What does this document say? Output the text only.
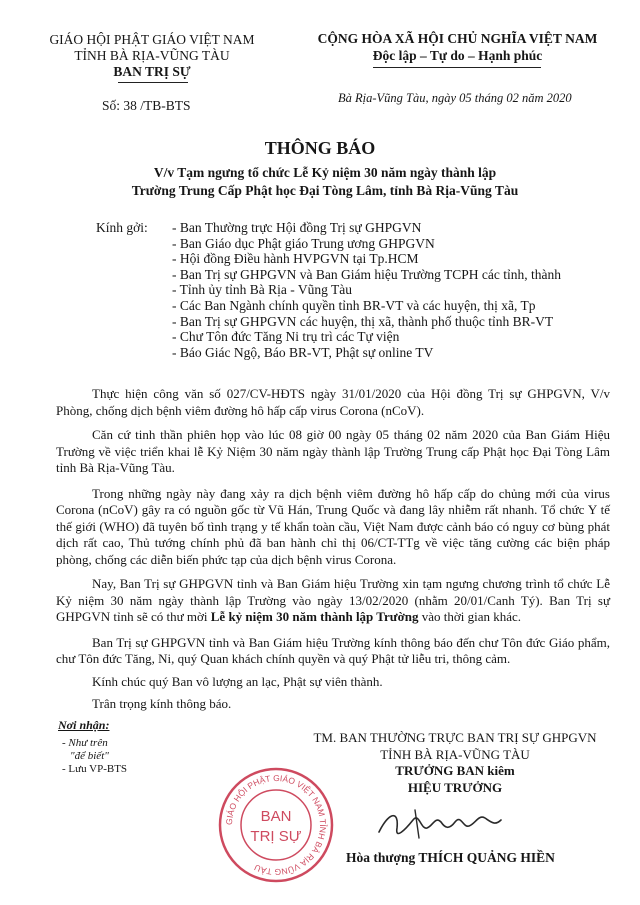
GIÁO HỘI PHẬT GIÁO VIỆT NAM
TỈNH BÀ RỊA-VŨNG TÀU
BAN TRỊ SỰ
Số: 38 /TB-BTS
CỘNG HÒA XÃ HỘI CHỦ NGHĨA VIỆT NAM
Độc lập – Tự do – Hạnh phúc
Bà Rịa-Vũng Tàu, ngày 05 tháng 02 năm 2020
THÔNG BÁO
V/v Tạm ngưng tổ chức Lễ Kỷ niệm 30 năm ngày thành lập
Trường Trung Cấp Phật học Đại Tòng Lâm, tỉnh Bà Rịa-Vũng Tàu
Kính gởi: - Ban Thường trực Hội đồng Trị sự GHPGVN
- Ban Giáo dục Phật giáo Trung ương GHPGVN
- Hội đồng Điều hành HVPGVN tại Tp.HCM
- Ban Trị sự GHPGVN và Ban Giám hiệu Trường TCPH các tỉnh, thành
- Tỉnh ủy tỉnh Bà Rịa - Vũng Tàu
- Các Ban Ngành chính quyền tỉnh BR-VT và các huyện, thị xã, Tp
- Ban Trị sự GHPGVN các huyện, thị xã, thành phố thuộc tỉnh BR-VT
- Chư Tôn đức Tăng Ni trụ trì các Tự viện
- Báo Giác Ngộ, Báo BR-VT, Phật sự online TV
Thực hiện công văn số 027/CV-HĐTS ngày 31/01/2020 của Hội đồng Trị sự GHPGVN, V/v Phòng, chống dịch bệnh viêm đường hô hấp cấp virus Corona (nCoV).
Căn cứ tinh thần phiên họp vào lúc 08 giờ 00 ngày 05 tháng 02 năm 2020 của Ban Giám Hiệu Trường về việc triển khai lễ Kỷ Niệm 30 năm ngày thành lập Trường Trung cấp Phật học Đại Tòng Lâm tỉnh Bà Rịa-Vũng Tàu.
Trong những ngày này đang xảy ra dịch bệnh viêm đường hô hấp cấp do chủng mới của virus Corona (nCoV) gây ra có nguồn gốc từ Vũ Hán, Trung Quốc và đang lây nhiễm rất nhanh. Tổ chức Y tế thế giới (WHO) đã tuyên bố tình trạng y tế khẩn toàn cầu, Việt Nam được cảnh báo có nguy cơ bùng phát dịch rất cao, Thủ tướng chính phủ đã ban hành chỉ thị 06/CT-TTg về việc tăng cường các biện pháp phòng, chống các diễn biến phức tạp của dịch bệnh virus Corona.
Nay, Ban Trị sự GHPGVN tỉnh và Ban Giám hiệu Trường xin tạm ngưng chương trình tổ chức Lễ Kỷ niệm 30 năm ngày thành lập Trường vào ngày 13/02/2020 (nhằm 20/01/Canh Tý). Ban Trị sự GHPGVN tỉnh sẽ có thư mời Lễ kỷ niệm 30 năm thành lập Trường vào thời gian khác.
Ban Trị sự GHPGVN tỉnh và Ban Giám hiệu Trường kính thông báo đến chư Tôn đức Giáo phẩm, chư Tôn đức Tăng, Ni, quý Quan khách chính quyền và quý Phật tử liễu tri, thông cảm.
Kính chúc quý Ban vô lượng an lạc, Phật sự viên thành.
Trân trọng kính thông báo.
Nơi nhận:
- Như trên
"để biết"
- Lưu VP-BTS
TM. BAN THƯỜNG TRỰC BAN TRỊ SỰ GHPGVN
TỈNH BÀ RỊA-VŨNG TÀU
TRƯỞNG BAN kiêm
HIỆU TRƯỞNG
GIÁO HỘI PHẬT GIÁO VIỆT NAM TỈNH BÀ RỊA VŨNG TÀU
BAN
TRỊ SỰ
Hòa thượng THÍCH QUẢNG HIỀN
